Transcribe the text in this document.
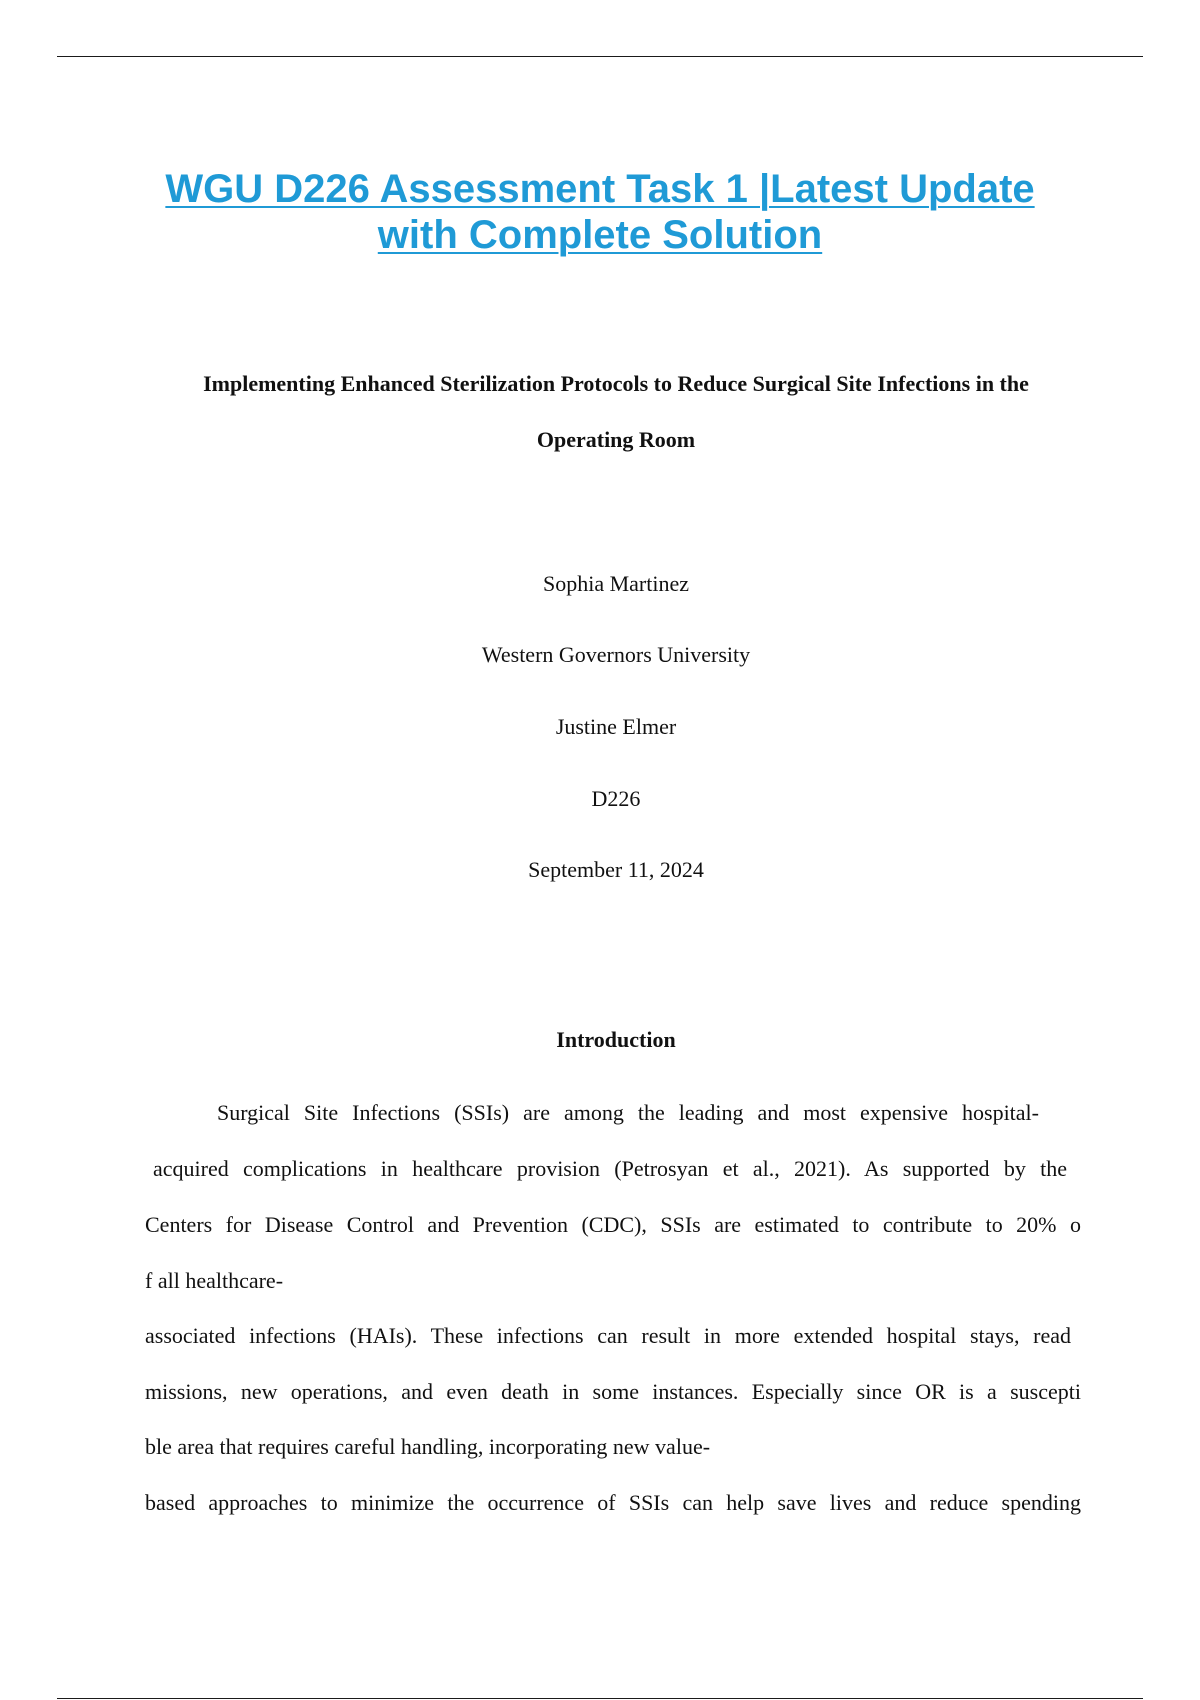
WGU D226 Assessment Task 1 |Latest Update
with Complete Solution
Implementing Enhanced Sterilization Protocols to Reduce Surgical Site Infections in the
Operating Room
Sophia Martinez
Western Governors University
Justine Elmer
D226
September 11, 2024
Introduction
Surgical Site Infections (SSIs) are among the leading and most expensive hospital-
acquired complications in healthcare provision (Petrosyan et al., 2021). As supported by the
Centers for Disease Control and Prevention (CDC), SSIs are estimated to contribute to 20% o
f all healthcare-
associated infections (HAIs). These infections can result in more extended hospital stays, read
missions, new operations, and even death in some instances. Especially since OR is a suscepti
ble area that requires careful handling, incorporating new value-
based approaches to minimize the occurrence of SSIs can help save lives and reduce spending
